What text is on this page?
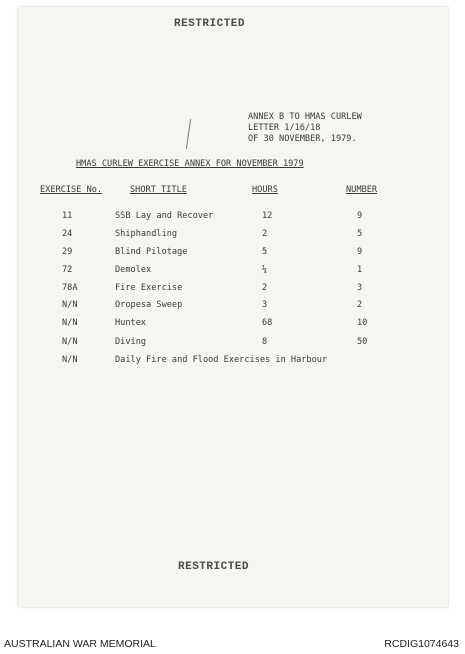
RESTRICTED
ANNEX B TO HMAS CURLEW
LETTER 1/16/18
OF 30 NOVEMBER, 1979.
HMAS CURLEW EXERCISE ANNEX FOR NOVEMBER 1979
EXERCISE No.	SHORT TITLE	HOURS	NUMBER
11	SSB Lay and Recover	12	9
24	Shiphandling	2	5
29	Blind Pilotage	5	9
72	Demolex	¼	1
78A	Fire Exercise	2	3
N/N	Oropesa Sweep	3	2
N/N	Huntex	68	10
N/N	Diving	8	50
N/N	Daily Fire and Flood Exercises in Harbour
RESTRICTED
AUSTRALIAN WAR MEMORIAL	RCDIG1074643
